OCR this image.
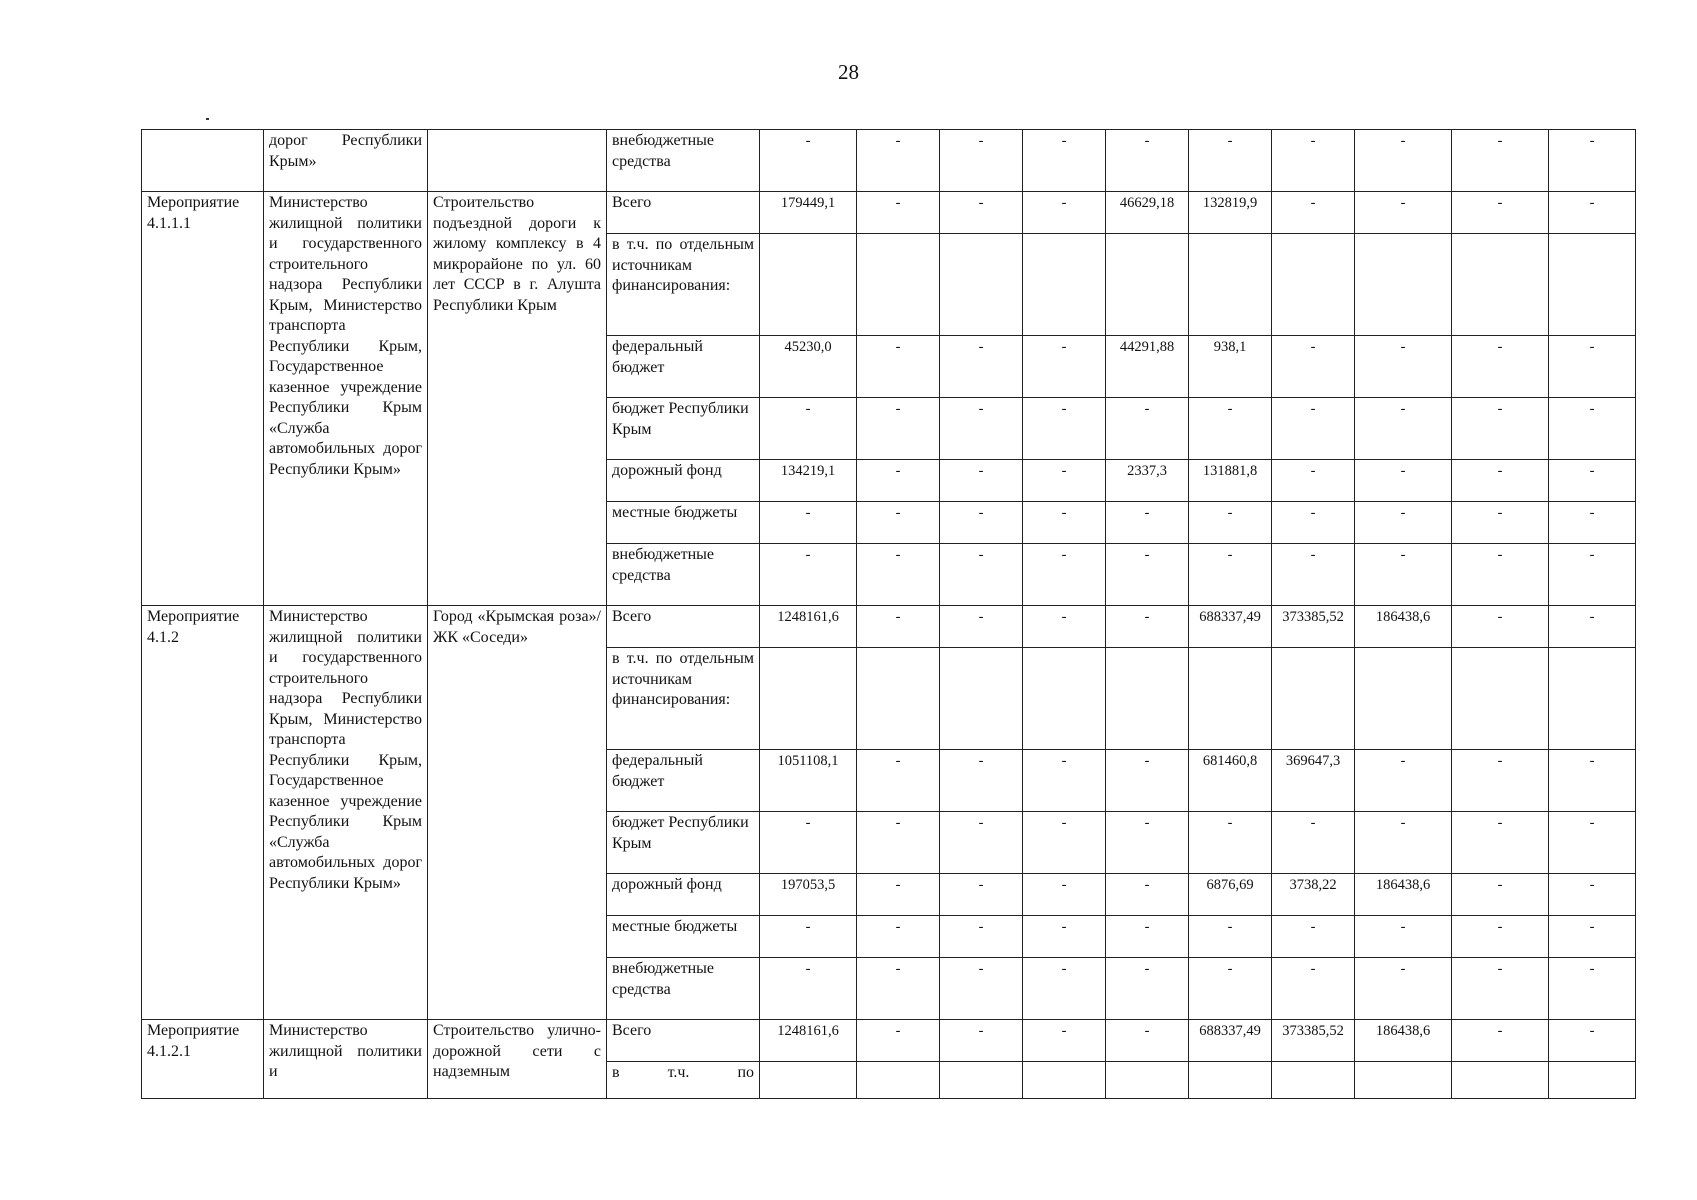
28
	дорог Республики Крым»		внебюджетные средства	-	-	-	-	-	-	-	-	-	-
Мероприятие 4.1.1.1	Министерство жилищной политики и государственного строительного надзора Республики Крым, Министерство транспорта Республики Крым, Государственное казенное учреждение Республики Крым «Служба автомобильных дорог Республики Крым»	Строительство подъездной дороги к жилому комплексу в 4 микрорайоне по ул. 60 лет СССР в г. Алушта Республики Крым	Всего	179449,1	-	-	-	46629,18	132819,9	-	-	-	-
			в т.ч. по отдельным источникам финансирования:										
			федеральный бюджет	45230,0	-	-	-	44291,88	938,1	-	-	-	-
			бюджет Республики Крым	-	-	-	-	-	-	-	-	-	-
			дорожный фонд	134219,1	-	-	-	2337,3	131881,8	-	-	-	-
			местные бюджеты	-	-	-	-	-	-	-	-	-	-
			внебюджетные средства	-	-	-	-	-	-	-	-	-	-
Мероприятие 4.1.2	Министерство жилищной политики и государственного строительного надзора Республики Крым, Министерство транспорта Республики Крым, Государственное казенное учреждение Республики Крым «Служба автомобильных дорог Республики Крым»	Город «Крымская роза»/ЖК «Соседи»	Всего	1248161,6	-	-	-	-	688337,49	373385,52	186438,6	-	-
			в т.ч. по отдельным источникам финансирования:										
			федеральный бюджет	1051108,1	-	-	-	-	681460,8	369647,3	-	-	-
			бюджет Республики Крым	-	-	-	-	-	-	-	-	-	-
			дорожный фонд	197053,5	-	-	-	-	6876,69	3738,22	186438,6	-	-
			местные бюджеты	-	-	-	-	-	-	-	-	-	-
			внебюджетные средства	-	-	-	-	-	-	-	-	-	-
Мероприятие 4.1.2.1	Министерство жилищной политики и	Строительство улично-дорожной сети с надземным	Всего	1248161,6	-	-	-	-	688337,49	373385,52	186438,6	-	-
			в т.ч. по										
